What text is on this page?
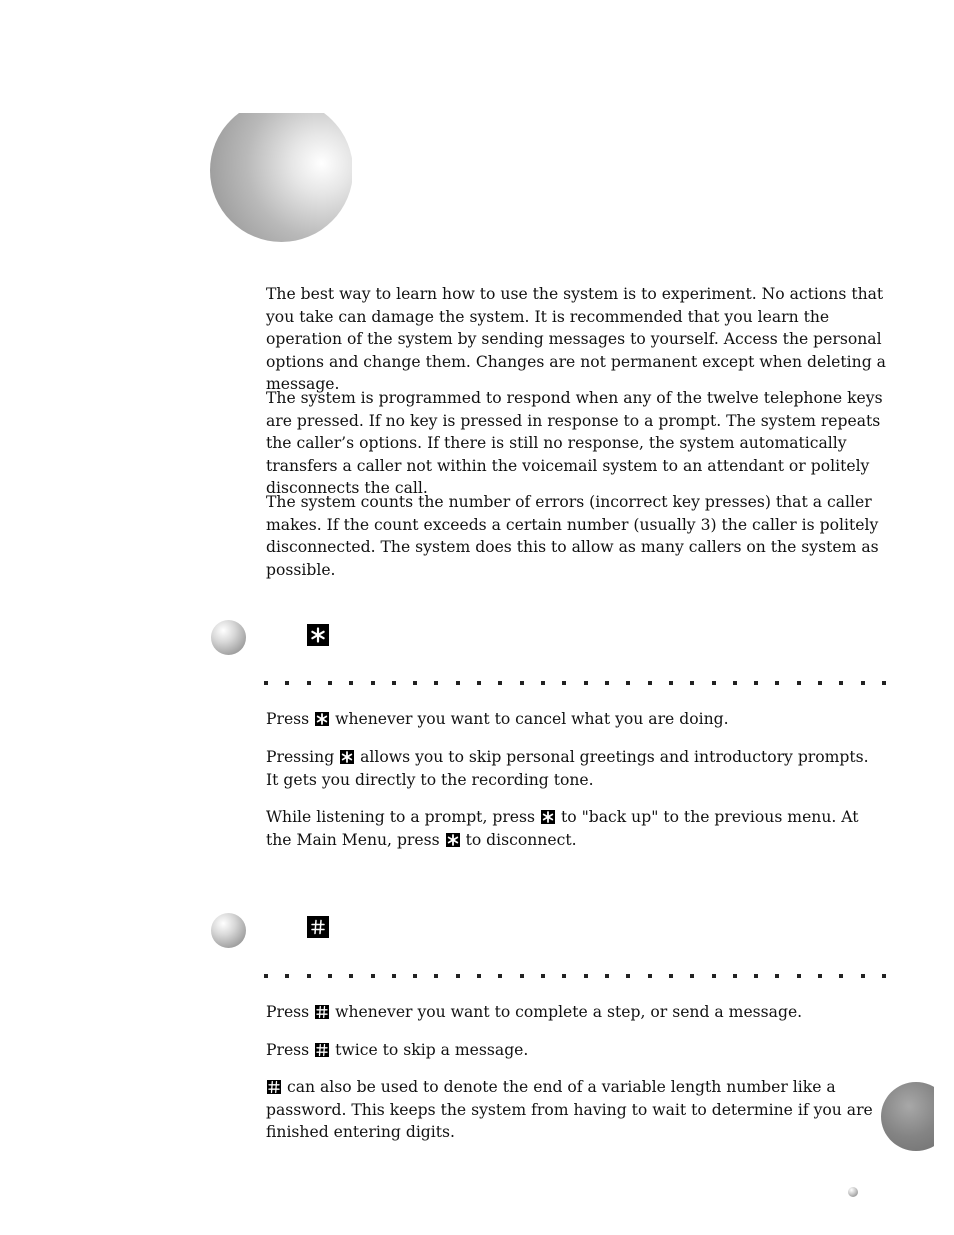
The best way to learn how to use the system is to experiment. No actions that you take can damage the system. It is recommended that you learn the operation of the system by sending messages to yourself. Access the personal options and change them. Changes are not permanent except when deleting a message.

The system is programmed to respond when any of the twelve telephone keys are pressed. If no key is pressed in response to a prompt. The system repeats the caller’s options. If there is still no response, the system automatically transfers a caller not within the voicemail system to an attendant or politely disconnects the call.

The system counts the number of errors (incorrect key presses) that a caller makes. If the count exceeds a certain number (usually 3) the caller is politely disconnected. The system does this to allow as many callers on the system as possible.

Press whenever you want to cancel what you are doing.

Pressing allows you to skip personal greetings and introductory prompts. It gets you directly to the recording tone.

While listening to a prompt, press to "back up" to the previous menu. At the Main Menu, press to disconnect.

Press whenever you want to complete a step, or send a message.

Press twice to skip a message.

can also be used to denote the end of a variable length number like a password. This keeps the system from having to wait to determine if you are finished entering digits.
